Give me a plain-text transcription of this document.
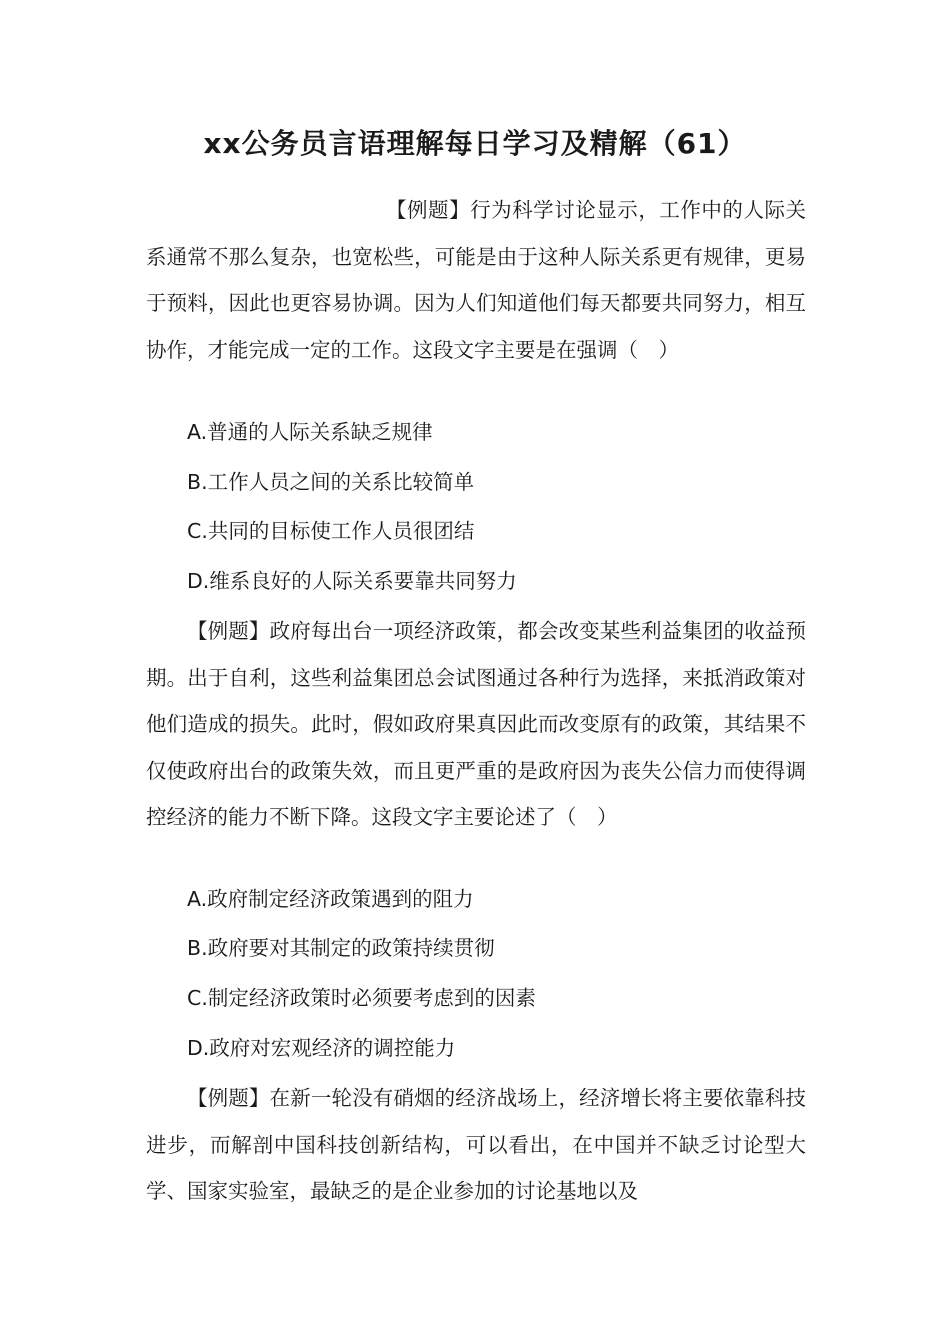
xx公务员言语理解每日学习及精解（61）

【例题】行为科学讨论显示，工作中的人际关系通常不那么复杂，也宽松些，可能是由于这种人际关系更有规律，更易于预料，因此也更容易协调。因为人们知道他们每天都要共同努力，相互协作，才能完成一定的工作。这段文字主要是在强调（　）

A.普通的人际关系缺乏规律

B.工作人员之间的关系比较简单

C.共同的目标使工作人员很团结

D.维系良好的人际关系要靠共同努力

【例题】政府每出台一项经济政策，都会改变某些利益集团的收益预期。出于自利，这些利益集团总会试图通过各种行为选择，来抵消政策对他们造成的损失。此时，假如政府果真因此而改变原有的政策，其结果不仅使政府出台的政策失效，而且更严重的是政府因为丧失公信力而使得调控经济的能力不断下降。这段文字主要论述了（　）

A.政府制定经济政策遇到的阻力

B.政府要对其制定的政策持续贯彻

C.制定经济政策时必须要考虑到的因素

D.政府对宏观经济的调控能力

【例题】在新一轮没有硝烟的经济战场上，经济增长将主要依靠科技进步，而解剖中国科技创新结构，可以看出，在中国并不缺乏讨论型大学、国家实验室，最缺乏的是企业参加的讨论基地以及
